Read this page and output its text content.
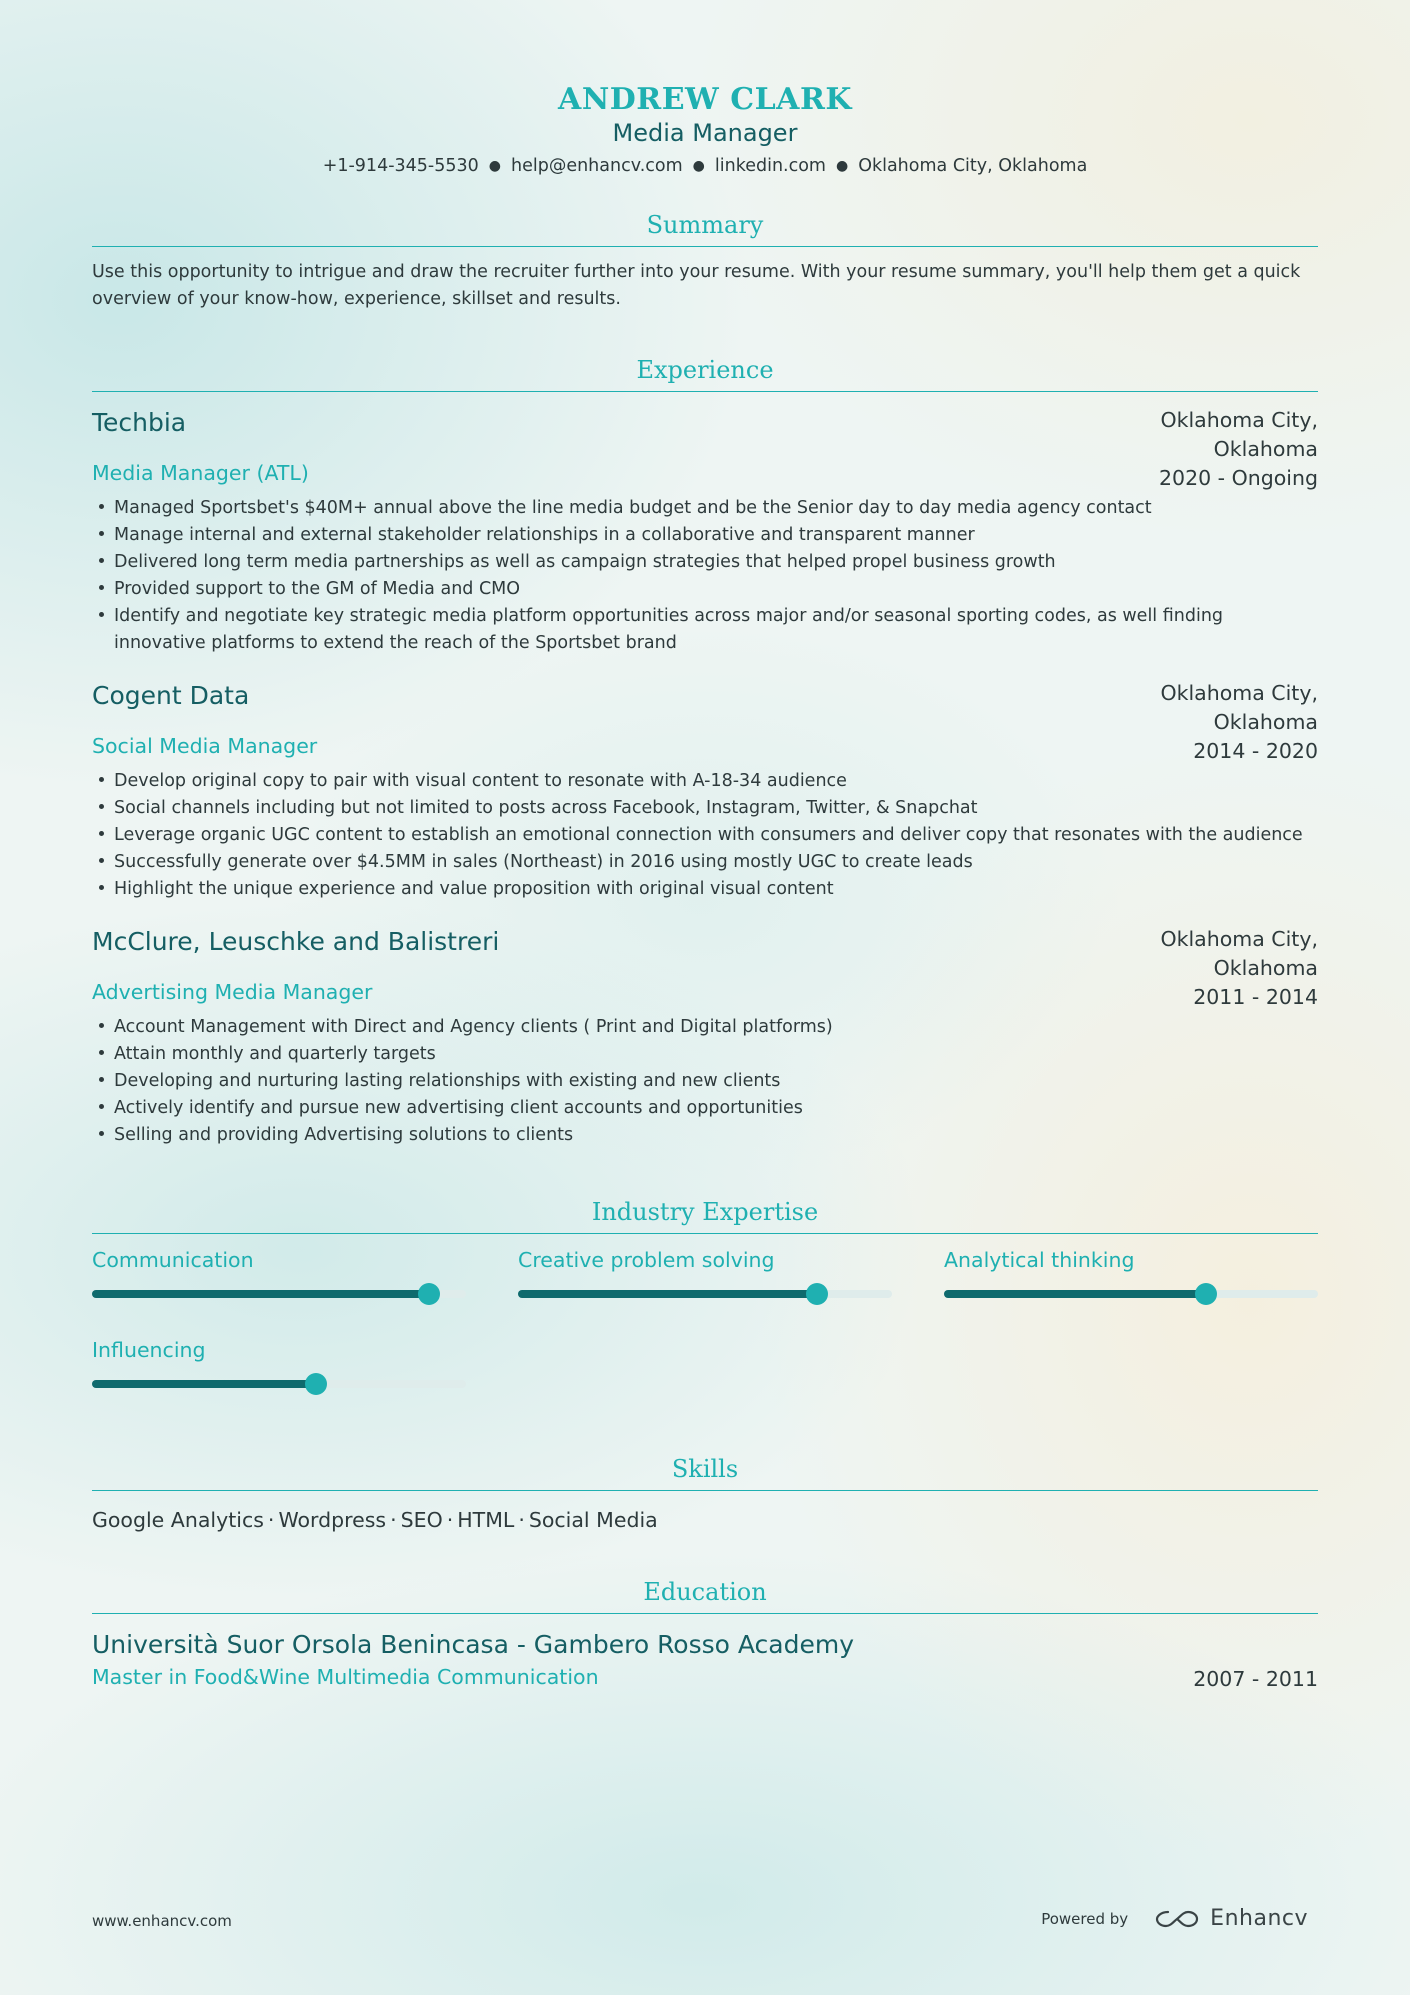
ANDREW CLARK
Media Manager
+1-914-345-5530 ● help@enhancv.com ● linkedin.com ● Oklahoma City, Oklahoma
Summary

Use this opportunity to intrigue and draw the recruiter further into your resume. With your resume summary, you'll help them get a quick overview of your know-how, experience, skillset and results.

Experience
Techbia
Media Manager (ATL)
Oklahoma City,
Oklahoma
2020 - Ongoing
Managed Sportsbet's $40M+ annual above the line media budget and be the Senior day to day media agency contact
Manage internal and external stakeholder relationships in a collaborative and transparent manner
Delivered long term media partnerships as well as campaign strategies that helped propel business growth
Provided support to the GM of Media and CMO
Identify and negotiate key strategic media platform opportunities across major and/or seasonal sporting codes, as well finding innovative platforms to extend the reach of the Sportsbet brand
Cogent Data
Social Media Manager
Oklahoma City,
Oklahoma
2014 - 2020
Develop original copy to pair with visual content to resonate with A-18-34 audience
Social channels including but not limited to posts across Facebook, Instagram, Twitter, & Snapchat
Leverage organic UGC content to establish an emotional connection with consumers and deliver copy that resonates with the audience
Successfully generate over $4.5MM in sales (Northeast) in 2016 using mostly UGC to create leads
Highlight the unique experience and value proposition with original visual content
McClure, Leuschke and Balistreri
Advertising Media Manager
Oklahoma City,
Oklahoma
2011 - 2014
Account Management with Direct and Agency clients ( Print and Digital platforms)
Attain monthly and quarterly targets
Developing and nurturing lasting relationships with existing and new clients
Actively identify and pursue new advertising client accounts and opportunities
Selling and providing Advertising solutions to clients
Industry Expertise
Communication	Creative problem solving	Analytical thinking
Influencing
Skills
Google Analytics · Wordpress · SEO · HTML · Social Media
Education
Università Suor Orsola Benincasa - Gambero Rosso Academy
Master in Food&Wine Multimedia Communication	2007 - 2011
www.enhancv.com	Powered by	Enhancv
